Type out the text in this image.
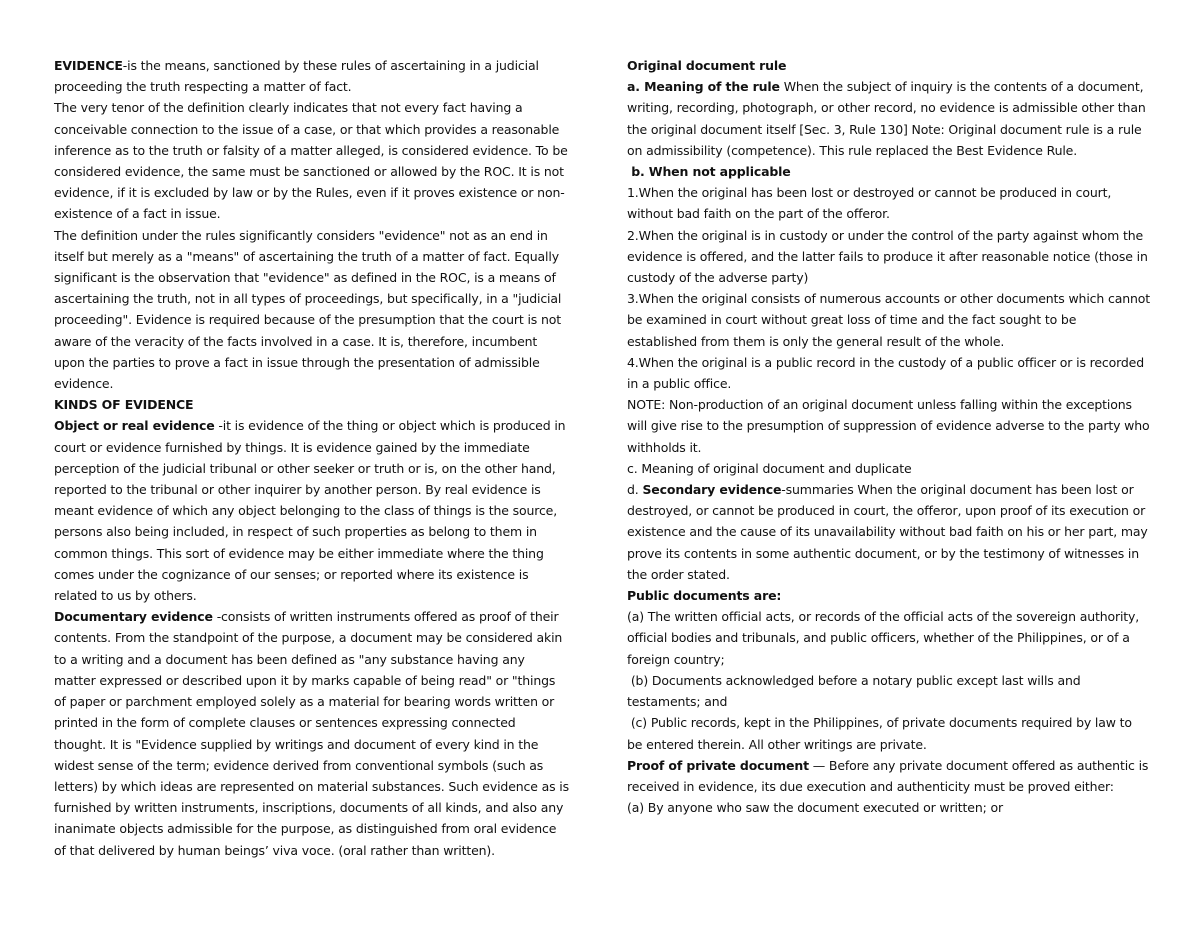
EVIDENCE-is the means, sanctioned by these rules of ascertaining in a judicial proceeding the truth respecting a matter of fact.

The very tenor of the definition clearly indicates that not every fact having a conceivable connection to the issue of a case, or that which provides a reasonable inference as to the truth or falsity of a matter alleged, is considered evidence. To be considered evidence, the same must be sanctioned or allowed by the ROC. It is not evidence, if it is excluded by law or by the Rules, even if it proves existence or non-existence of a fact in issue.

The definition under the rules significantly considers "evidence" not as an end in itself but merely as a "means" of ascertaining the truth of a matter of fact. Equally significant is the observation that "evidence" as defined in the ROC, is a means of ascertaining the truth, not in all types of proceedings, but specifically, in a "judicial proceeding". Evidence is required because of the presumption that the court is not aware of the veracity of the facts involved in a case. It is, therefore, incumbent upon the parties to prove a fact in issue through the presentation of admissible evidence.

KINDS OF EVIDENCE

Object or real evidence -it is evidence of the thing or object which is produced in court or evidence furnished by things. It is evidence gained by the immediate perception of the judicial tribunal or other seeker or truth or is, on the other hand, reported to the tribunal or other inquirer by another person. By real evidence is meant evidence of which any object belonging to the class of things is the source, persons also being included, in respect of such properties as belong to them in common things. This sort of evidence may be either immediate where the thing comes under the cognizance of our senses; or reported where its existence is related to us by others.

Documentary evidence -consists of written instruments offered as proof of their contents. From the standpoint of the purpose, a document may be considered akin to a writing and a document has been defined as "any substance having any matter expressed or described upon it by marks capable of being read" or "things of paper or parchment employed solely as a material for bearing words written or printed in the form of complete clauses or sentences expressing connected thought. It is "Evidence supplied by writings and document of every kind in the widest sense of the term; evidence derived from conventional symbols (such as letters) by which ideas are represented on material substances. Such evidence as is furnished by written instruments, inscriptions, documents of all kinds, and also any inanimate objects admissible for the purpose, as distinguished from oral evidence of that delivered by human beings’ viva voce. (oral rather than written).

Original document rule

a. Meaning of the rule When the subject of inquiry is the contents of a document, writing, recording, photograph, or other record, no evidence is admissible other than the original document itself [Sec. 3, Rule 130] Note: Original document rule is a rule on admissibility (competence). This rule replaced the Best Evidence Rule.

b. When not applicable

1.When the original has been lost or destroyed or cannot be produced in court, without bad faith on the part of the offeror.

2.When the original is in custody or under the control of the party against whom the evidence is offered, and the latter fails to produce it after reasonable notice (those in custody of the adverse party)

3.When the original consists of numerous accounts or other documents which cannot be examined in court without great loss of time and the fact sought to be established from them is only the general result of the whole.

4.When the original is a public record in the custody of a public officer or is recorded in a public office.

NOTE: Non-production of an original document unless falling within the exceptions will give rise to the presumption of suppression of evidence adverse to the party who withholds it.

c. Meaning of original document and duplicate

d. Secondary evidence-summaries When the original document has been lost or destroyed, or cannot be produced in court, the offeror, upon proof of its execution or existence and the cause of its unavailability without bad faith on his or her part, may prove its contents in some authentic document, or by the testimony of witnesses in the order stated.

Public documents are:

(a) The written official acts, or records of the official acts of the sovereign authority, official bodies and tribunals, and public officers, whether of the Philippines, or of a foreign country;

(b) Documents acknowledged before a notary public except last wills and testaments; and

(c) Public records, kept in the Philippines, of private documents required by law to be entered therein. All other writings are private.

Proof of private document — Before any private document offered as authentic is received in evidence, its due execution and authenticity must be proved either:

(a) By anyone who saw the document executed or written; or
